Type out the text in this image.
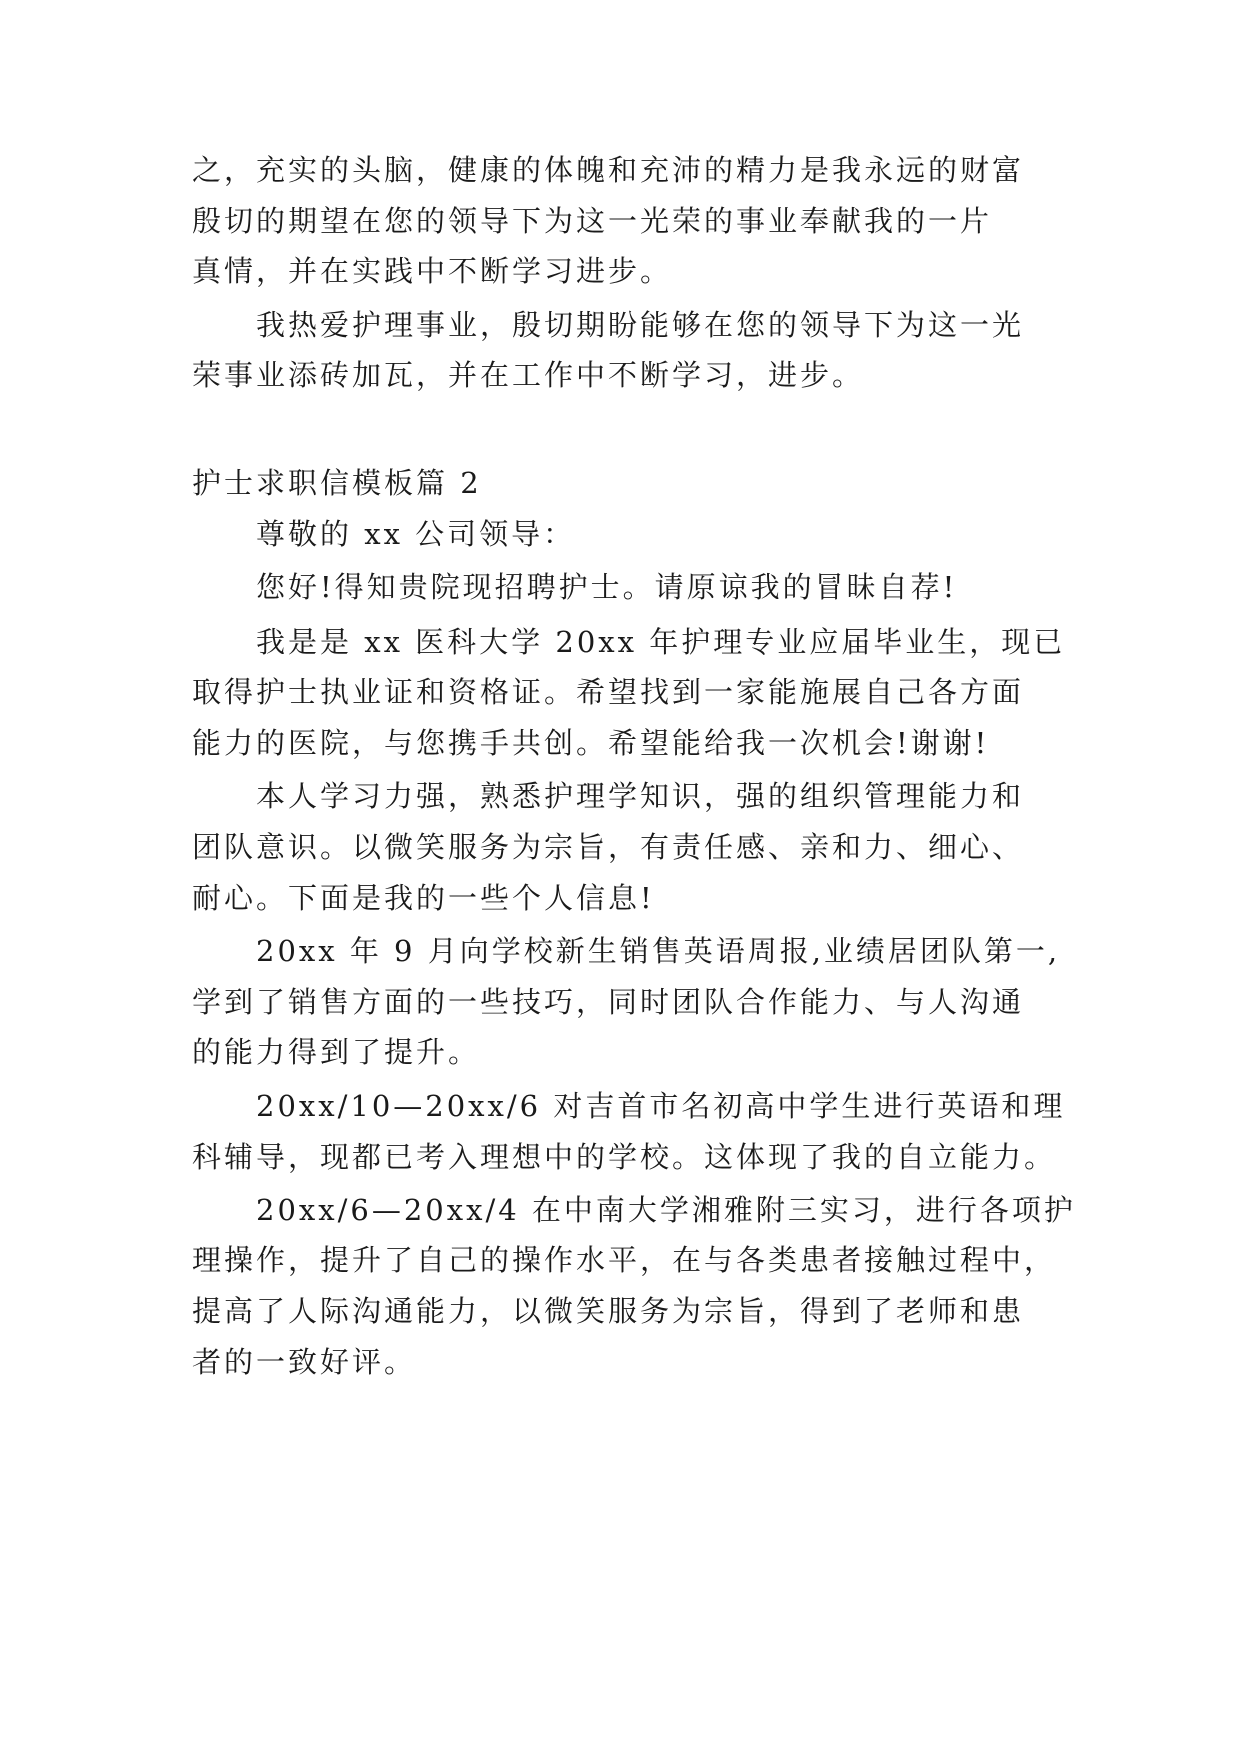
之，充实的头脑，健康的体魄和充沛的精力是我永远的财富
殷切的期望在您的领导下为这一光荣的事业奉献我的一片
真情，并在实践中不断学习进步。
我热爱护理事业，殷切期盼能够在您的领导下为这一光
荣事业添砖加瓦，并在工作中不断学习，进步。
护士求职信模板篇 2
尊敬的 xx 公司领导：
您好!得知贵院现招聘护士。请原谅我的冒昧自荐!
我是是 xx 医科大学 20xx 年护理专业应届毕业生，现已
取得护士执业证和资格证。希望找到一家能施展自己各方面
能力的医院，与您携手共创。希望能给我一次机会!谢谢!
本人学习力强，熟悉护理学知识，强的组织管理能力和
团队意识。以微笑服务为宗旨，有责任感、亲和力、细心、
耐心。下面是我的一些个人信息!
20xx 年 9 月向学校新生销售英语周报,业绩居团队第一,
学到了销售方面的一些技巧，同时团队合作能力、与人沟通
的能力得到了提升。
20xx/10—20xx/6 对吉首市名初高中学生进行英语和理
科辅导，现都已考入理想中的学校。这体现了我的自立能力。
20xx/6—20xx/4 在中南大学湘雅附三实习，进行各项护
理操作，提升了自己的操作水平，在与各类患者接触过程中，
提高了人际沟通能力，以微笑服务为宗旨，得到了老师和患
者的一致好评。
